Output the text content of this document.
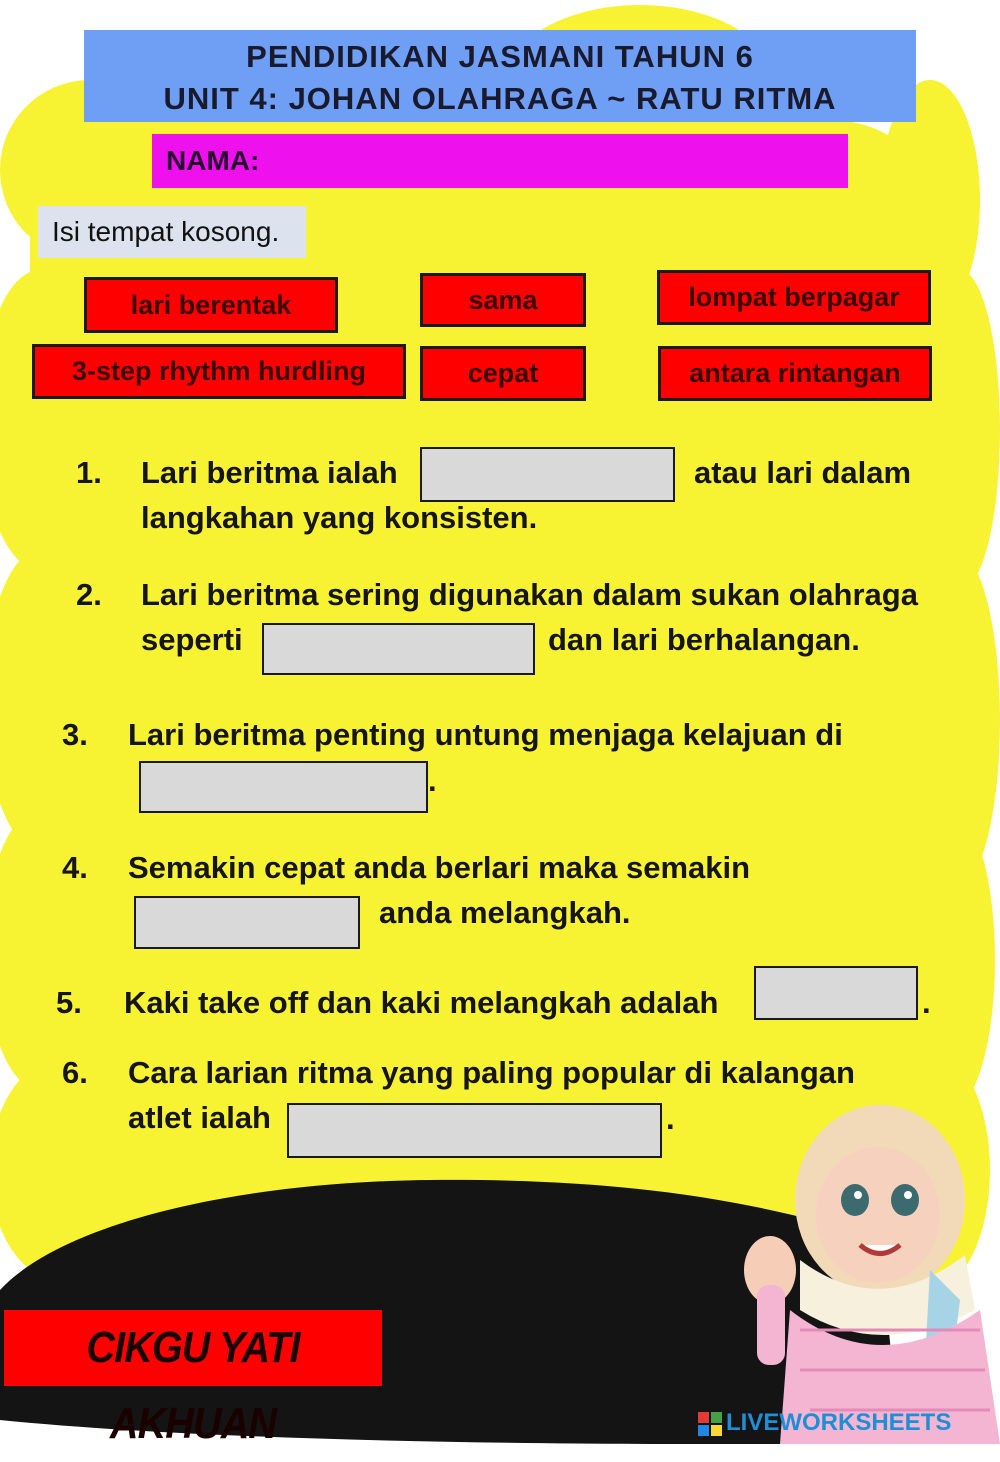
PENDIDIKAN JASMANI TAHUN 6
UNIT 4: JOHAN OLAHRAGA ~ RATU RITMA
NAMA:
Isi tempat kosong.
lari berentak	sama	lompat berpagar
3-step rhythm hurdling	cepat	antara rintangan
1. Lari beritma ialah	atau lari dalam
langkahan yang konsisten.
2. Lari beritma sering digunakan dalam sukan olahraga
seperti	dan lari berhalangan.
3. Lari beritma penting untung menjaga kelajuan di
.
4. Semakin cepat anda berlari maka semakin
anda melangkah.
5. Kaki take off dan kaki melangkah adalah	.
6. Cara larian ritma yang paling popular di kalangan
atlet ialah	.
CIKGU YATI AKHUAN	LIVEWORKSHEETS
